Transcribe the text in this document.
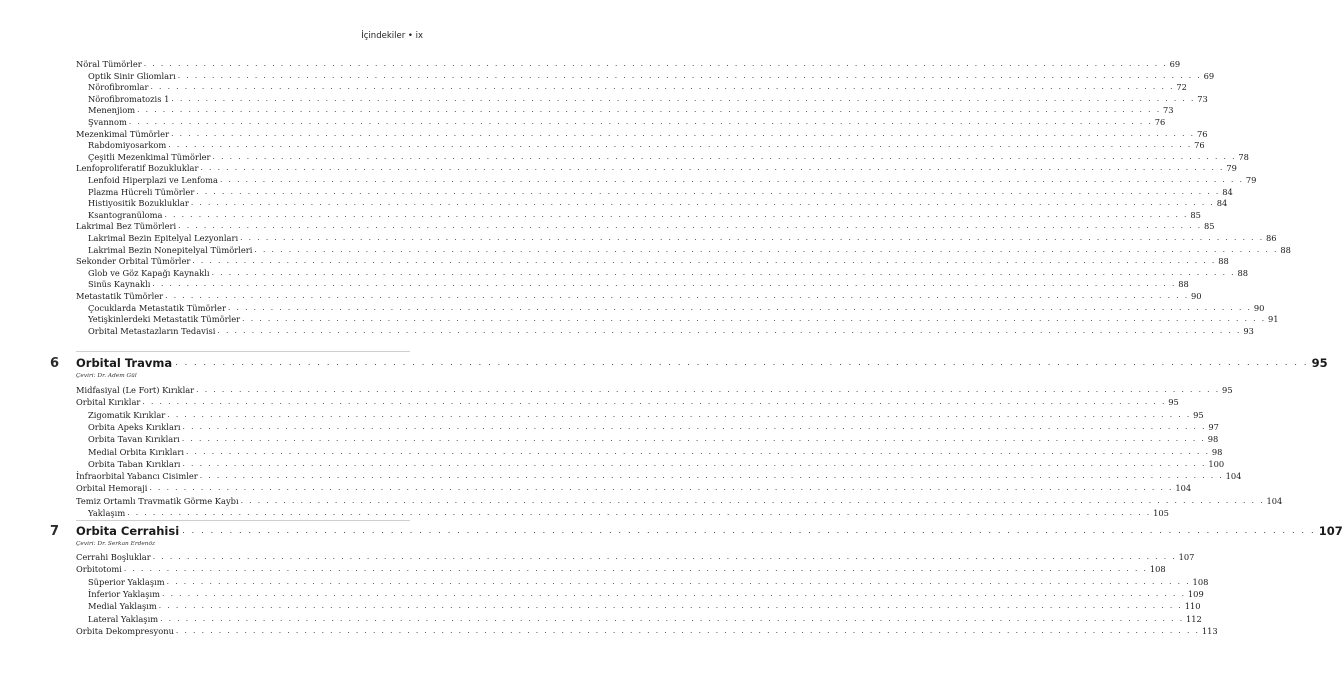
İçindekiler • ix
Nöral Tümörler . . . . . . . . . . . . . . . . . . . . . . . . . . . . . . . . . . . . . . . . . . . . . . . . . . . . . . . . . . . . . . . . . . . . . . . . . . . . . . . . . . . . . . . . . . . . . . . . . . . . . . . . . . . . . . . . . . . . . . . . 69
Optik Sinir Gliomları . . . . . . . . . . . . . . . . . . . . . . . . . . . . . . . . . . . . . . . . . . . . . . . . . . . . . . . . . . . . . . . . . . . . . . . . . . . . . . . . . . . . . . . . . . . . . . . . . . . . . . . . . . . . . . . . . . . . . . . . 69
Nörofibromlar . . . . . . . . . . . . . . . . . . . . . . . . . . . . . . . . . . . . . . . . . . . . . . . . . . . . . . . . . . . . . . . . . . . . . . . . . . . . . . . . . . . . . . . . . . . . . . . . . . . . . . . . . . . . . . . . . . . . . . . . 72
Nörofibromatozis 1 . . . . . . . . . . . . . . . . . . . . . . . . . . . . . . . . . . . . . . . . . . . . . . . . . . . . . . . . . . . . . . . . . . . . . . . . . . . . . . . . . . . . . . . . . . . . . . . . . . . . . . . . . . . . . . . . . . . . . . . . 73
Menenjiom . . . . . . . . . . . . . . . . . . . . . . . . . . . . . . . . . . . . . . . . . . . . . . . . . . . . . . . . . . . . . . . . . . . . . . . . . . . . . . . . . . . . . . . . . . . . . . . . . . . . . . . . . . . . . . . . . . . . . . . . 73
Şvannom . . . . . . . . . . . . . . . . . . . . . . . . . . . . . . . . . . . . . . . . . . . . . . . . . . . . . . . . . . . . . . . . . . . . . . . . . . . . . . . . . . . . . . . . . . . . . . . . . . . . . . . . . . . . . . . . . . . . . . . . 76
Mezenkimal Tümörler . . . . . . . . . . . . . . . . . . . . . . . . . . . . . . . . . . . . . . . . . . . . . . . . . . . . . . . . . . . . . . . . . . . . . . . . . . . . . . . . . . . . . . . . . . . . . . . . . . . . . . . . . . . . . . . . . . . . . . . . 76
Rabdomiyosarkom . . . . . . . . . . . . . . . . . . . . . . . . . . . . . . . . . . . . . . . . . . . . . . . . . . . . . . . . . . . . . . . . . . . . . . . . . . . . . . . . . . . . . . . . . . . . . . . . . . . . . . . . . . . . . . . . . . . . . . . . 76
Çeşitli Mezenkimal Tümörler . . . . . . . . . . . . . . . . . . . . . . . . . . . . . . . . . . . . . . . . . . . . . . . . . . . . . . . . . . . . . . . . . . . . . . . . . . . . . . . . . . . . . . . . . . . . . . . . . . . . . . . . . . . . . . . . . . . . . . . . 78
Lenfoproliferatif Bozukluklar . . . . . . . . . . . . . . . . . . . . . . . . . . . . . . . . . . . . . . . . . . . . . . . . . . . . . . . . . . . . . . . . . . . . . . . . . . . . . . . . . . . . . . . . . . . . . . . . . . . . . . . . . . . . . . . . . . . . . . . . 79
Lenfoid Hiperplazi ve Lenfoma . . . . . . . . . . . . . . . . . . . . . . . . . . . . . . . . . . . . . . . . . . . . . . . . . . . . . . . . . . . . . . . . . . . . . . . . . . . . . . . . . . . . . . . . . . . . . . . . . . . . . . . . . . . . . . . . . . . . . . . . 79
Plazma Hücreli Tümörler . . . . . . . . . . . . . . . . . . . . . . . . . . . . . . . . . . . . . . . . . . . . . . . . . . . . . . . . . . . . . . . . . . . . . . . . . . . . . . . . . . . . . . . . . . . . . . . . . . . . . . . . . . . . . . . . . . . . . . . . 84
Histiyositik Bozukluklar . . . . . . . . . . . . . . . . . . . . . . . . . . . . . . . . . . . . . . . . . . . . . . . . . . . . . . . . . . . . . . . . . . . . . . . . . . . . . . . . . . . . . . . . . . . . . . . . . . . . . . . . . . . . . . . . . . . . . . . . 84
Ksantogranüloma . . . . . . . . . . . . . . . . . . . . . . . . . . . . . . . . . . . . . . . . . . . . . . . . . . . . . . . . . . . . . . . . . . . . . . . . . . . . . . . . . . . . . . . . . . . . . . . . . . . . . . . . . . . . . . . . . . . . . . . . 85
Lakrimal Bez Tümörleri . . . . . . . . . . . . . . . . . . . . . . . . . . . . . . . . . . . . . . . . . . . . . . . . . . . . . . . . . . . . . . . . . . . . . . . . . . . . . . . . . . . . . . . . . . . . . . . . . . . . . . . . . . . . . . . . . . . . . . . . 85
Lakrimal Bezin Epitelyal Lezyonları . . . . . . . . . . . . . . . . . . . . . . . . . . . . . . . . . . . . . . . . . . . . . . . . . . . . . . . . . . . . . . . . . . . . . . . . . . . . . . . . . . . . . . . . . . . . . . . . . . . . . . . . . . . . . . . . . . . . . . . . 86
Lakrimal Bezin Nonepitelyal Tümörleri . . . . . . . . . . . . . . . . . . . . . . . . . . . . . . . . . . . . . . . . . . . . . . . . . . . . . . . . . . . . . . . . . . . . . . . . . . . . . . . . . . . . . . . . . . . . . . . . . . . . . . . . . . . . . . . . . . . . . . . . 88
Sekonder Orbital Tümörler . . . . . . . . . . . . . . . . . . . . . . . . . . . . . . . . . . . . . . . . . . . . . . . . . . . . . . . . . . . . . . . . . . . . . . . . . . . . . . . . . . . . . . . . . . . . . . . . . . . . . . . . . . . . . . . . . . . . . . . . 88
Glob ve Göz Kapağı Kaynaklı . . . . . . . . . . . . . . . . . . . . . . . . . . . . . . . . . . . . . . . . . . . . . . . . . . . . . . . . . . . . . . . . . . . . . . . . . . . . . . . . . . . . . . . . . . . . . . . . . . . . . . . . . . . . . . . . . . . . . . . . 88
Sinüs Kaynaklı . . . . . . . . . . . . . . . . . . . . . . . . . . . . . . . . . . . . . . . . . . . . . . . . . . . . . . . . . . . . . . . . . . . . . . . . . . . . . . . . . . . . . . . . . . . . . . . . . . . . . . . . . . . . . . . . . . . . . . . . 88
Metastatik Tümörler . . . . . . . . . . . . . . . . . . . . . . . . . . . . . . . . . . . . . . . . . . . . . . . . . . . . . . . . . . . . . . . . . . . . . . . . . . . . . . . . . . . . . . . . . . . . . . . . . . . . . . . . . . . . . . . . . . . . . . . . 90
Çocuklarda Metastatik Tümörler . . . . . . . . . . . . . . . . . . . . . . . . . . . . . . . . . . . . . . . . . . . . . . . . . . . . . . . . . . . . . . . . . . . . . . . . . . . . . . . . . . . . . . . . . . . . . . . . . . . . . . . . . . . . . . . . . . . . . . . . 90
Yetişkinlerdeki Metastatik Tümörler . . . . . . . . . . . . . . . . . . . . . . . . . . . . . . . . . . . . . . . . . . . . . . . . . . . . . . . . . . . . . . . . . . . . . . . . . . . . . . . . . . . . . . . . . . . . . . . . . . . . . . . . . . . . . . . . . . . . . . . . 91
Orbital Metastazların Tedavisi . . . . . . . . . . . . . . . . . . . . . . . . . . . . . . . . . . . . . . . . . . . . . . . . . . . . . . . . . . . . . . . . . . . . . . . . . . . . . . . . . . . . . . . . . . . . . . . . . . . . . . . . . . . . . . . . . . . . . . . . 93
6 Orbital Travma . . . . . . . . . . . . . . . . . . . . . . . . . . . . . . . . . . . . . . . . . . . . . . . . . . . . . . . . . . . . . . . . . . . . . . . . . . . . . . . . . . . . . . . . . . . . . . . . . . . . . . . . . . . . . . . . . . . . . . . . 95
Çeviri: Dr. Adem Gül
Midfasiyal (Le Fort) Kırıklar . . . . . . . . . . . . . . . . . . . . . . . . . . . . . . . . . . . . . . . . . . . . . . . . . . . . . . . . . . . . . . . . . . . . . . . . . . . . . . . . . . . . . . . . . . . . . . . . . . . . . . . . . . . . . . . . . . . . . . . . 95
Orbital Kırıklar . . . . . . . . . . . . . . . . . . . . . . . . . . . . . . . . . . . . . . . . . . . . . . . . . . . . . . . . . . . . . . . . . . . . . . . . . . . . . . . . . . . . . . . . . . . . . . . . . . . . . . . . . . . . . . . . . . . . . . . . 95
Zigomatik Kırıklar . . . . . . . . . . . . . . . . . . . . . . . . . . . . . . . . . . . . . . . . . . . . . . . . . . . . . . . . . . . . . . . . . . . . . . . . . . . . . . . . . . . . . . . . . . . . . . . . . . . . . . . . . . . . . . . . . . . . . . . . 95
Orbita Apeks Kırıkları . . . . . . . . . . . . . . . . . . . . . . . . . . . . . . . . . . . . . . . . . . . . . . . . . . . . . . . . . . . . . . . . . . . . . . . . . . . . . . . . . . . . . . . . . . . . . . . . . . . . . . . . . . . . . . . . . . . . . . . . 97
Orbita Tavan Kırıkları . . . . . . . . . . . . . . . . . . . . . . . . . . . . . . . . . . . . . . . . . . . . . . . . . . . . . . . . . . . . . . . . . . . . . . . . . . . . . . . . . . . . . . . . . . . . . . . . . . . . . . . . . . . . . . . . . . . . . . . . 98
Medial Orbita Kırıkları . . . . . . . . . . . . . . . . . . . . . . . . . . . . . . . . . . . . . . . . . . . . . . . . . . . . . . . . . . . . . . . . . . . . . . . . . . . . . . . . . . . . . . . . . . . . . . . . . . . . . . . . . . . . . . . . . . . . . . . . 98
Orbita Taban Kırıkları . . . . . . . . . . . . . . . . . . . . . . . . . . . . . . . . . . . . . . . . . . . . . . . . . . . . . . . . . . . . . . . . . . . . . . . . . . . . . . . . . . . . . . . . . . . . . . . . . . . . . . . . . . . . . . . . . . . . . . . . 100
İnfraorbital Yabancı Cisimler . . . . . . . . . . . . . . . . . . . . . . . . . . . . . . . . . . . . . . . . . . . . . . . . . . . . . . . . . . . . . . . . . . . . . . . . . . . . . . . . . . . . . . . . . . . . . . . . . . . . . . . . . . . . . . . . . . . . . . . . 104
Orbital Hemoraji . . . . . . . . . . . . . . . . . . . . . . . . . . . . . . . . . . . . . . . . . . . . . . . . . . . . . . . . . . . . . . . . . . . . . . . . . . . . . . . . . . . . . . . . . . . . . . . . . . . . . . . . . . . . . . . . . . . . . . . . 104
Temiz Ortamlı Travmatik Görme Kaybı . . . . . . . . . . . . . . . . . . . . . . . . . . . . . . . . . . . . . . . . . . . . . . . . . . . . . . . . . . . . . . . . . . . . . . . . . . . . . . . . . . . . . . . . . . . . . . . . . . . . . . . . . . . . . . . . . . . . . . . . 104
Yaklaşım . . . . . . . . . . . . . . . . . . . . . . . . . . . . . . . . . . . . . . . . . . . . . . . . . . . . . . . . . . . . . . . . . . . . . . . . . . . . . . . . . . . . . . . . . . . . . . . . . . . . . . . . . . . . . . . . . . . . . . . . 105
7 Orbita Cerrahisi . . . . . . . . . . . . . . . . . . . . . . . . . . . . . . . . . . . . . . . . . . . . . . . . . . . . . . . . . . . . . . . . . . . . . . . . . . . . . . . . . . . . . . . . . . . . . . . . . . . . . . . . . . . . . . . . . . . . . . . . 107
Çeviri: Dr. Serkan Erdenöz
Cerrahi Boşluklar . . . . . . . . . . . . . . . . . . . . . . . . . . . . . . . . . . . . . . . . . . . . . . . . . . . . . . . . . . . . . . . . . . . . . . . . . . . . . . . . . . . . . . . . . . . . . . . . . . . . . . . . . . . . . . . . . . . . . . . . 107
Orbitotomi . . . . . . . . . . . . . . . . . . . . . . . . . . . . . . . . . . . . . . . . . . . . . . . . . . . . . . . . . . . . . . . . . . . . . . . . . . . . . . . . . . . . . . . . . . . . . . . . . . . . . . . . . . . . . . . . . . . . . . . . 108
Süperior Yaklaşım . . . . . . . . . . . . . . . . . . . . . . . . . . . . . . . . . . . . . . . . . . . . . . . . . . . . . . . . . . . . . . . . . . . . . . . . . . . . . . . . . . . . . . . . . . . . . . . . . . . . . . . . . . . . . . . . . . . . . . . . 108
İnferior Yaklaşım . . . . . . . . . . . . . . . . . . . . . . . . . . . . . . . . . . . . . . . . . . . . . . . . . . . . . . . . . . . . . . . . . . . . . . . . . . . . . . . . . . . . . . . . . . . . . . . . . . . . . . . . . . . . . . . . . . . . . . . . 109
Medial Yaklaşım . . . . . . . . . . . . . . . . . . . . . . . . . . . . . . . . . . . . . . . . . . . . . . . . . . . . . . . . . . . . . . . . . . . . . . . . . . . . . . . . . . . . . . . . . . . . . . . . . . . . . . . . . . . . . . . . . . . . . . . . 110
Lateral Yaklaşım . . . . . . . . . . . . . . . . . . . . . . . . . . . . . . . . . . . . . . . . . . . . . . . . . . . . . . . . . . . . . . . . . . . . . . . . . . . . . . . . . . . . . . . . . . . . . . . . . . . . . . . . . . . . . . . . . . . . . . . . 112
Orbita Dekompresyonu . . . . . . . . . . . . . . . . . . . . . . . . . . . . . . . . . . . . . . . . . . . . . . . . . . . . . . . . . . . . . . . . . . . . . . . . . . . . . . . . . . . . . . . . . . . . . . . . . . . . . . . . . . . . . . . . . . . . . . . . 113
